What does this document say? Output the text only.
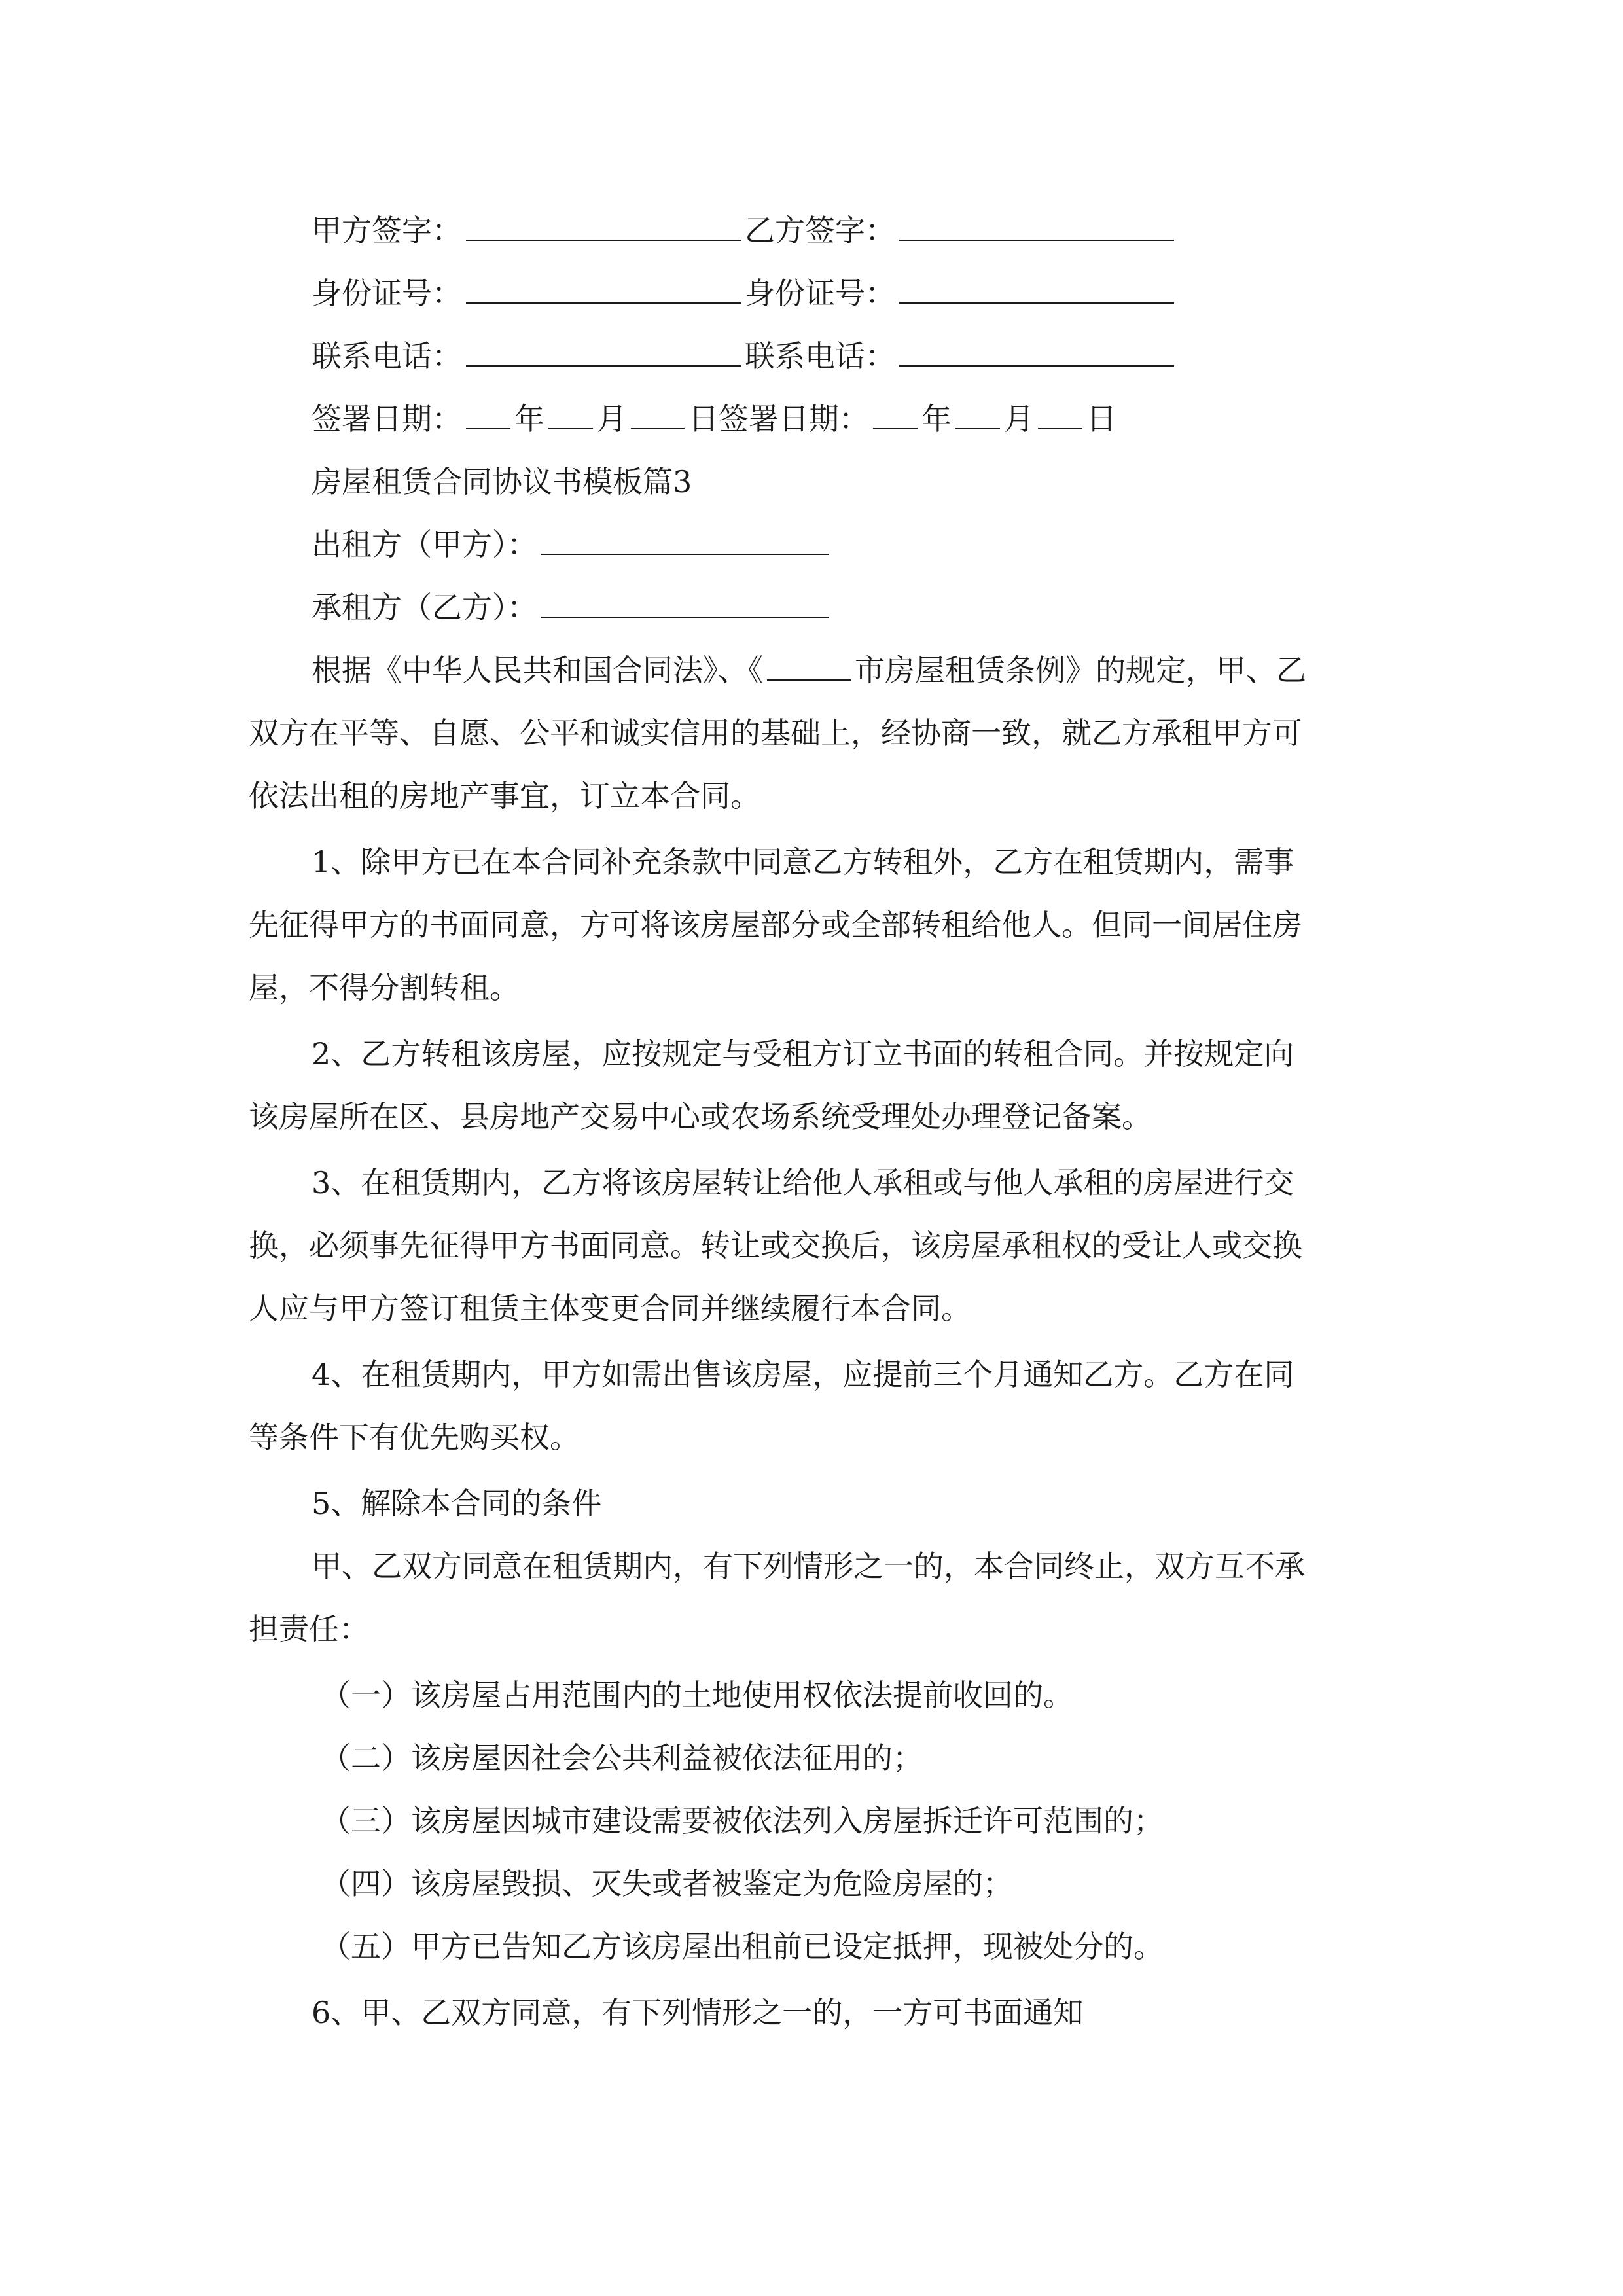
甲方签字：	乙方签字：
身份证号：	身份证号：
联系电话：	联系电话：
签署日期： 年 月 日签署日期： 年 月 日
房屋租赁合同协议书模板篇3
出租方（甲方）：
承租方（乙方）：
根据《中华人民共和国合同法》、《	市房屋租赁条例》的规定，甲、乙
双方在平等、自愿、公平和诚实信用的基础上，经协商一致，就乙方承租甲方可
依法出租的房地产事宜，订立本合同。
1、除甲方已在本合同补充条款中同意乙方转租外，乙方在租赁期内，需事
先征得甲方的书面同意，方可将该房屋部分或全部转租给他人。但同一间居住房
屋，不得分割转租。
2、乙方转租该房屋，应按规定与受租方订立书面的转租合同。并按规定向
该房屋所在区、县房地产交易中心或农场系统受理处办理登记备案。
3、在租赁期内，乙方将该房屋转让给他人承租或与他人承租的房屋进行交
换，必须事先征得甲方书面同意。转让或交换后，该房屋承租权的受让人或交换
人应与甲方签订租赁主体变更合同并继续履行本合同。
4、在租赁期内，甲方如需出售该房屋，应提前三个月通知乙方。乙方在同
等条件下有优先购买权。
5、解除本合同的条件
甲、乙双方同意在租赁期内，有下列情形之一的，本合同终止，双方互不承
担责任：
（一）该房屋占用范围内的土地使用权依法提前收回的。
（二）该房屋因社会公共利益被依法征用的；
（三）该房屋因城市建设需要被依法列入房屋拆迁许可范围的；
（四）该房屋毁损、灭失或者被鉴定为危险房屋的；
（五）甲方已告知乙方该房屋出租前已设定抵押，现被处分的。
6、甲、乙双方同意，有下列情形之一的，一方可书面通知
